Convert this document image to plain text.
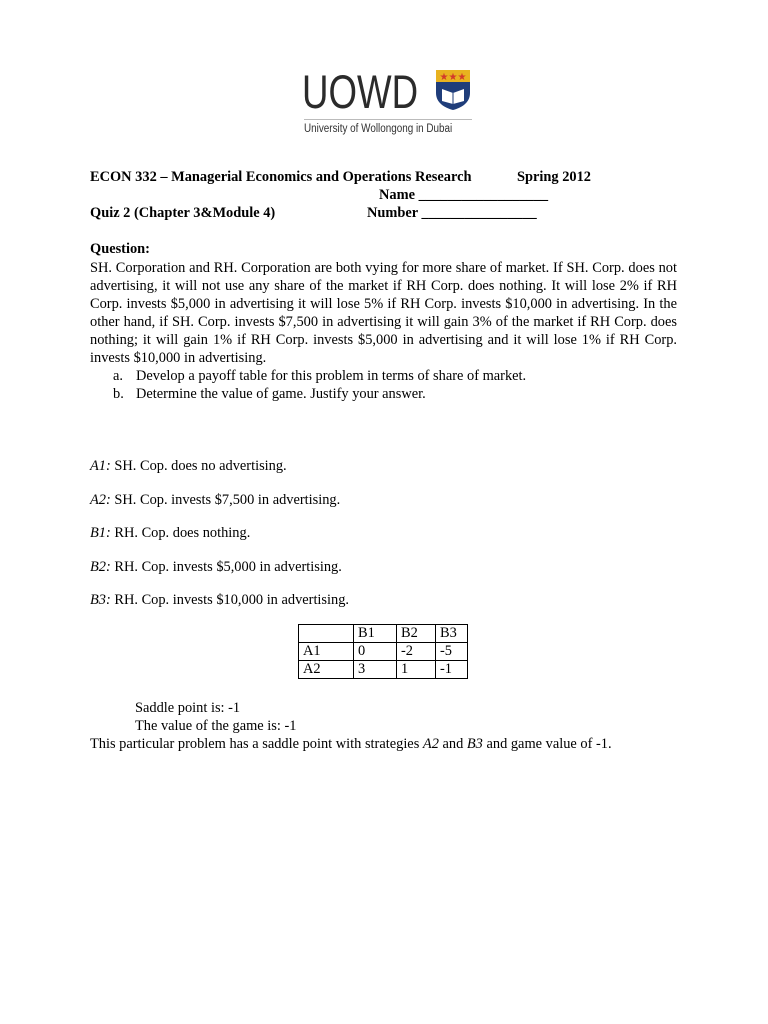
UOWD ★★★
University of Wollongong in Dubai
ECON 332 – Managerial Economics and Operations Research	Spring 2012
Name __________________
Quiz 2 (Chapter 3&Module 4)	Number ________________
Question:
SH. Corporation and RH. Corporation are both vying for more share of market. If SH. Corp. does not advertising, it will not use any share of the market if RH Corp. does nothing. It will lose 2% if RH Corp. invests $5,000 in advertising it will lose 5% if RH Corp. invests $10,000 in advertising. In the other hand, if SH. Corp. invests $7,500 in advertising it will gain 3% of the market if RH Corp. does nothing; it will gain 1% if RH Corp. invests $5,000 in advertising and it will lose 1% if RH Corp. invests $10,000 in advertising.
a. Develop a payoff table for this problem in terms of share of market.
b. Determine the value of game. Justify your answer.
A1: SH. Cop. does no advertising.
A2: SH. Cop. invests $7,500 in advertising.
B1: RH. Cop. does nothing.
B2: RH. Cop. invests $5,000 in advertising.
B3: RH. Cop. invests $10,000 in advertising.
	B1	B2	B3
A1	0	-2	-5
A2	3	1	-1
Saddle point is: -1
The value of the game is: -1
This particular problem has a saddle point with strategies A2 and B3 and game value of -1.
